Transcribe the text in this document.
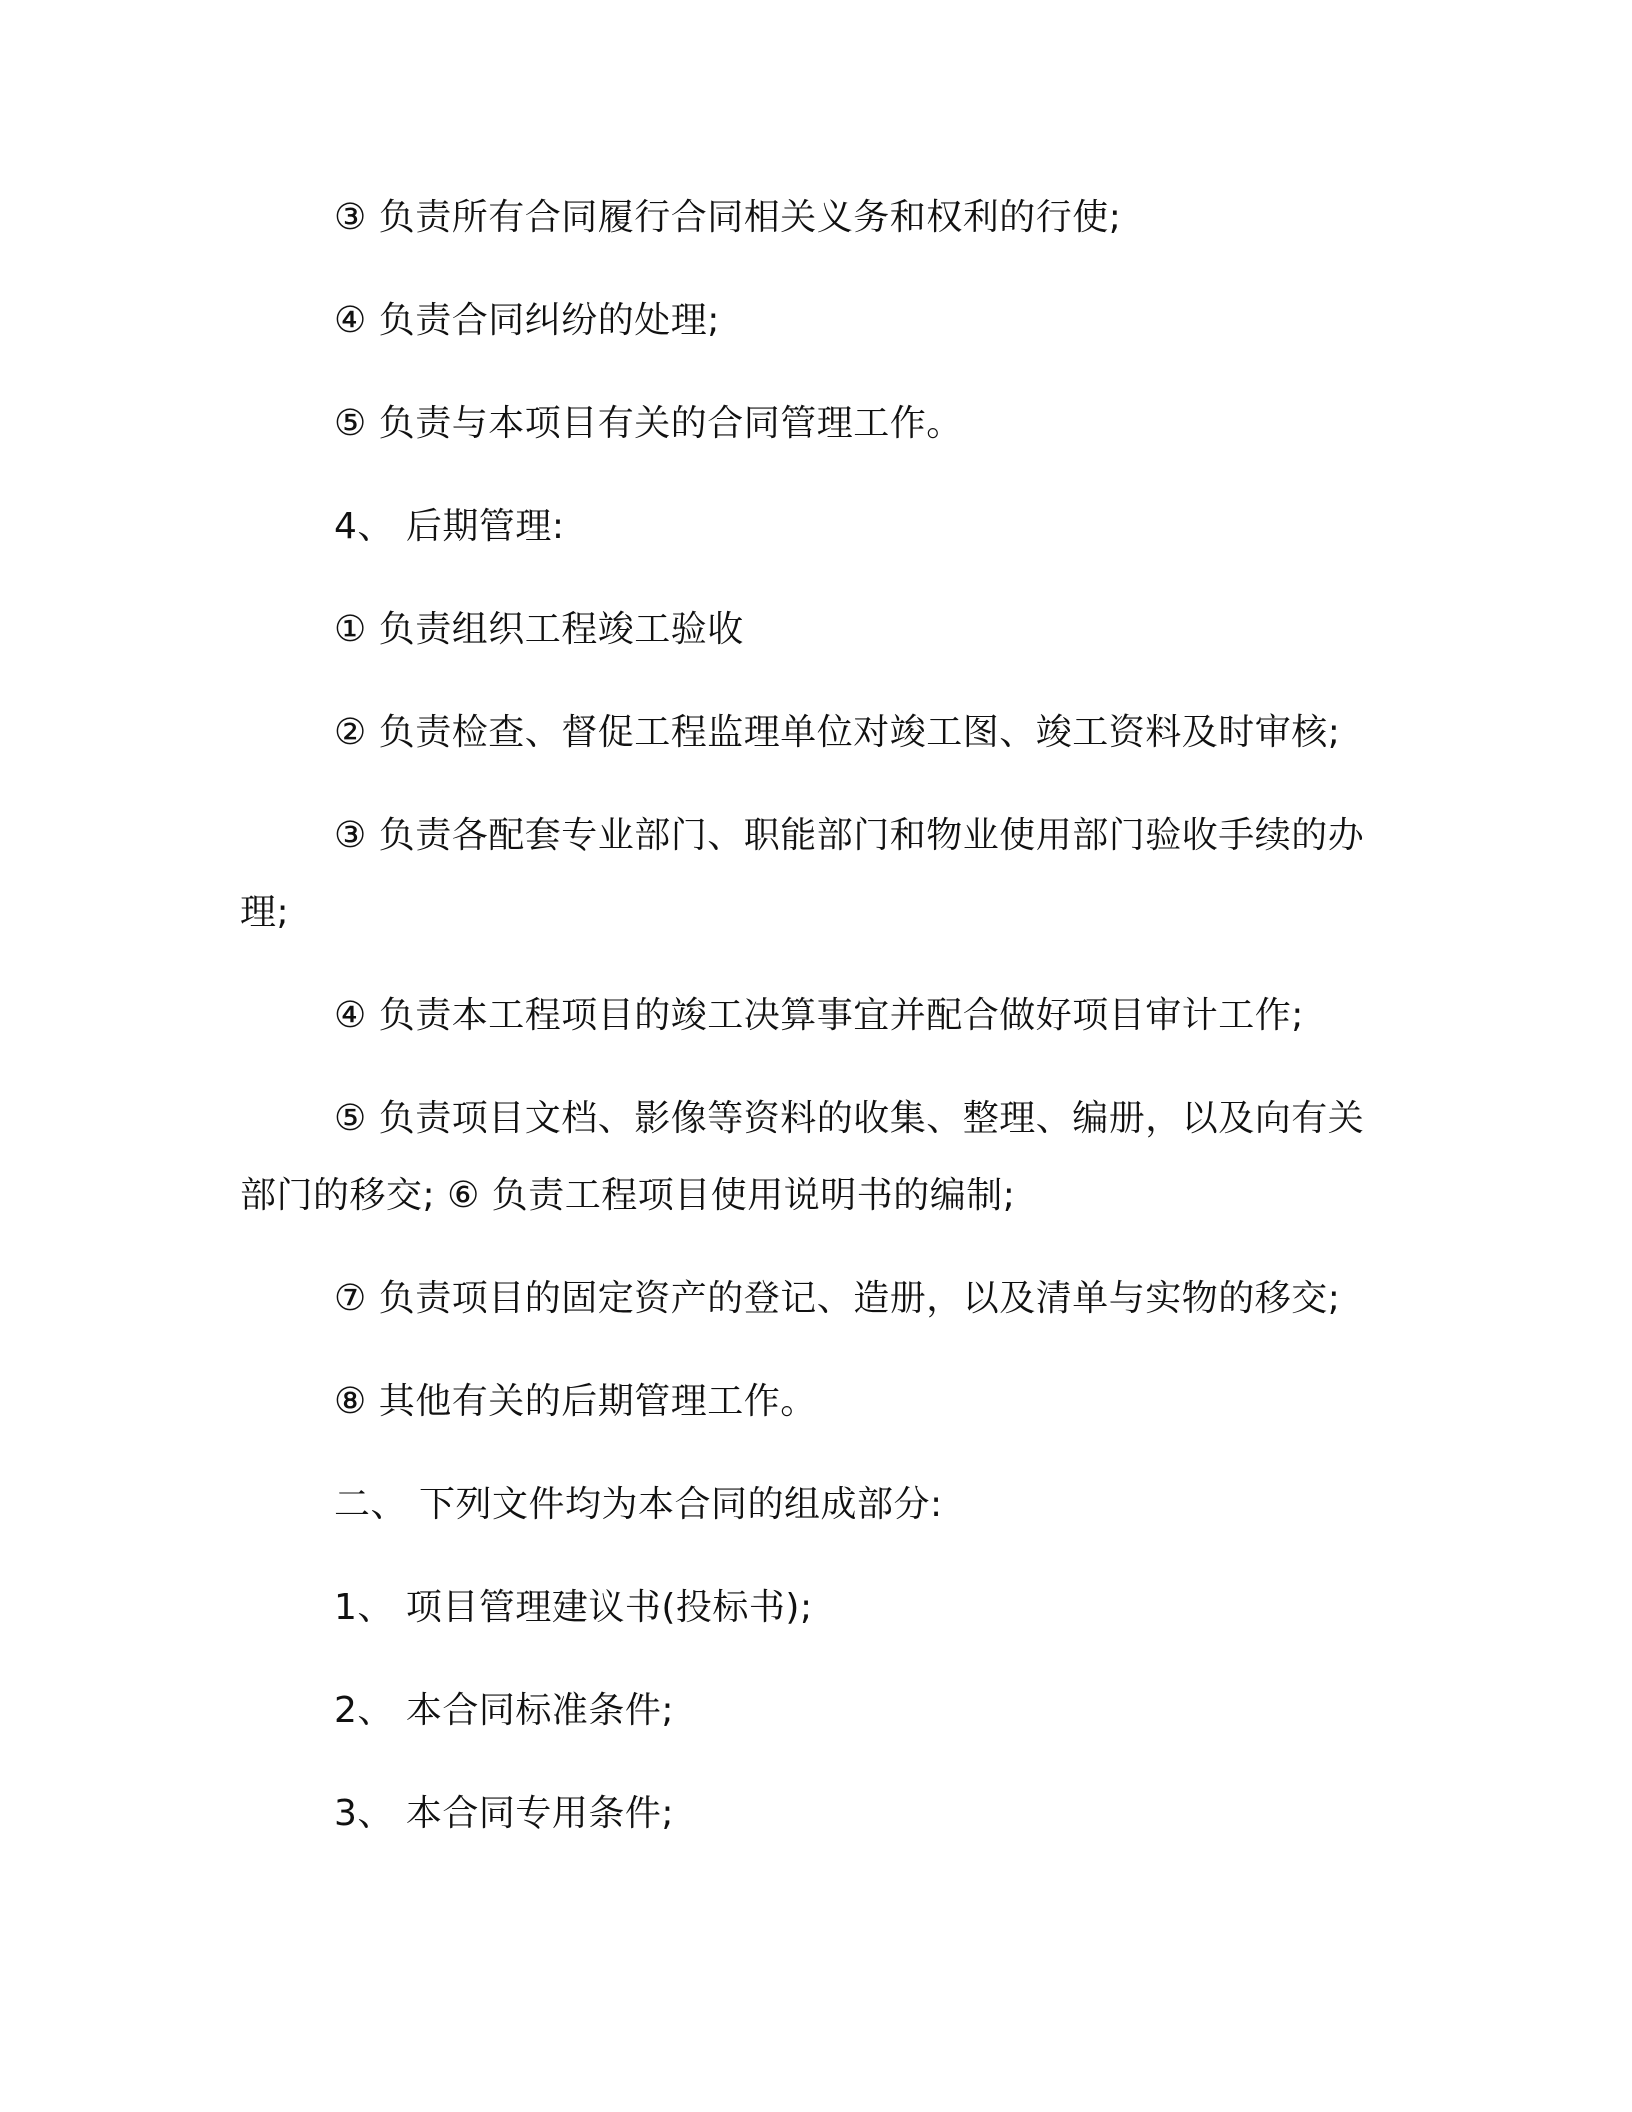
③ 负责所有合同履行合同相关义务和权利的行使;

④ 负责合同纠纷的处理;

⑤ 负责与本项目有关的合同管理工作。

4、 后期管理:

① 负责组织工程竣工验收

② 负责检查、督促工程监理单位对竣工图、竣工资料及时审核;

③ 负责各配套专业部门、职能部门和物业使用部门验收手续的办

理;

④ 负责本工程项目的竣工决算事宜并配合做好项目审计工作;

⑤ 负责项目文档、影像等资料的收集、整理、编册，以及向有关

部门的移交; ⑥ 负责工程项目使用说明书的编制;

⑦ 负责项目的固定资产的登记、造册，以及清单与实物的移交;

⑧ 其他有关的后期管理工作。

二、 下列文件均为本合同的组成部分:

1、 项目管理建议书(投标书);

2、 本合同标准条件;

3、 本合同专用条件;
